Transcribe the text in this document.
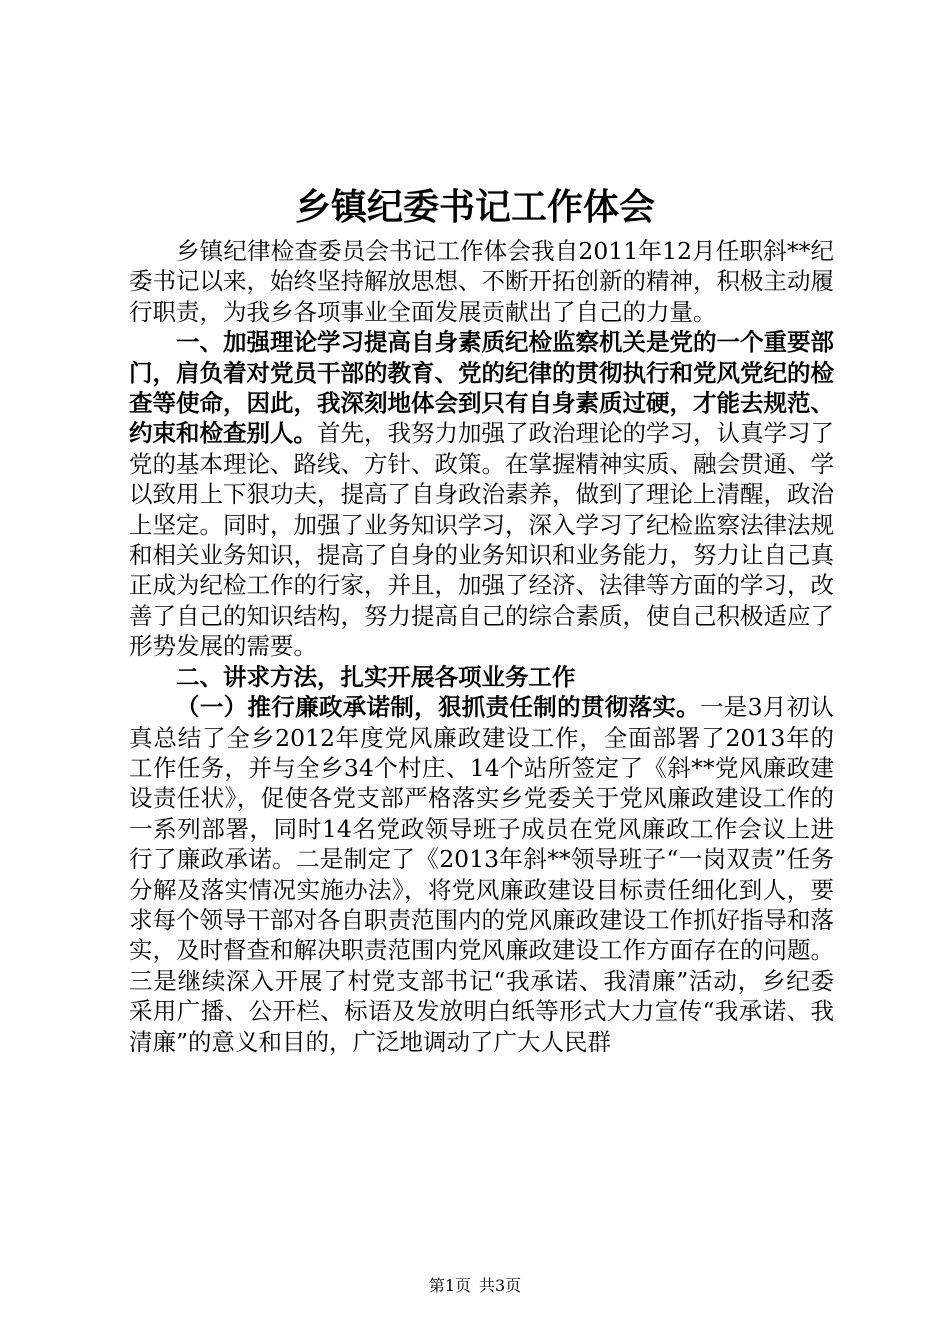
乡镇纪委书记工作体会

乡镇纪律检查委员会书记工作体会我自2011年12月任职斜**纪委书记以来，始终坚持解放思想、不断开拓创新的精神，积极主动履行职责，为我乡各项事业全面发展贡献出了自己的力量。

一、加强理论学习提高自身素质纪检监察机关是党的一个重要部门，肩负着对党员干部的教育、党的纪律的贯彻执行和党风党纪的检查等使命，因此，我深刻地体会到只有自身素质过硬，才能去规范、约束和检查别人。首先，我努力加强了政治理论的学习，认真学习了党的基本理论、路线、方针、政策。在掌握精神实质、融会贯通、学以致用上下狠功夫，提高了自身政治素养，做到了理论上清醒，政治上坚定。同时，加强了业务知识学习，深入学习了纪检监察法律法规和相关业务知识，提高了自身的业务知识和业务能力，努力让自己真正成为纪检工作的行家，并且，加强了经济、法律等方面的学习，改善了自己的知识结构，努力提高自己的综合素质，使自己积极适应了形势发展的需要。

二、讲求方法，扎实开展各项业务工作

（一）推行廉政承诺制，狠抓责任制的贯彻落实。一是3月初认真总结了全乡2012年度党风廉政建设工作，全面部署了2013年的工作任务，并与全乡34个村庄、14个站所签定了《斜**党风廉政建设责任状》，促使各党支部严格落实乡党委关于党风廉政建设工作的一系列部署，同时14名党政领导班子成员在党风廉政工作会议上进行了廉政承诺。二是制定了《2013年斜**领导班子“一岗双责”任务分解及落实情况实施办法》，将党风廉政建设目标责任细化到人，要求每个领导干部对各自职责范围内的党风廉政建设工作抓好指导和落实，及时督查和解决职责范围内党风廉政建设工作方面存在的问题。三是继续深入开展了村党支部书记“我承诺、我清廉”活动，乡纪委采用广播、公开栏、标语及发放明白纸等形式大力宣传“我承诺、我清廉”的意义和目的，广泛地调动了广大人民群

第1页 共3页
